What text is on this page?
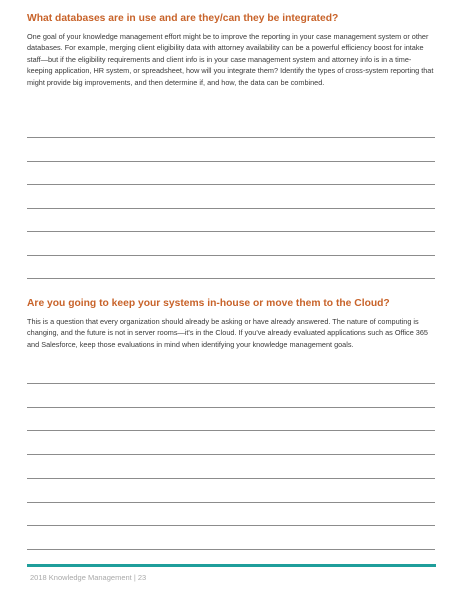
What databases are in use and are they/can they be integrated?

One goal of your knowledge management effort might be to improve the reporting in your case management system or other databases. For example, merging client eligibility data with attorney availability can be a powerful efficiency boost for intake staff—but if the eligibility requirements and client info is in your case management system and attorney info is in a time-keeping application, HR system, or spreadsheet, how will you integrate them? Identify the types of cross-system reporting that might provide big improvements, and then determine if, and how, the data can be combined.

Are you going to keep your systems in-house or move them to the Cloud?

This is a question that every organization should already be asking or have already answered. The nature of computing is changing, and the future is not in server rooms—it's in the Cloud. If you've already evaluated applications such as Office 365 and Salesforce, keep those evaluations in mind when identifying your knowledge management goals.

2018 Knowledge Management | 23
